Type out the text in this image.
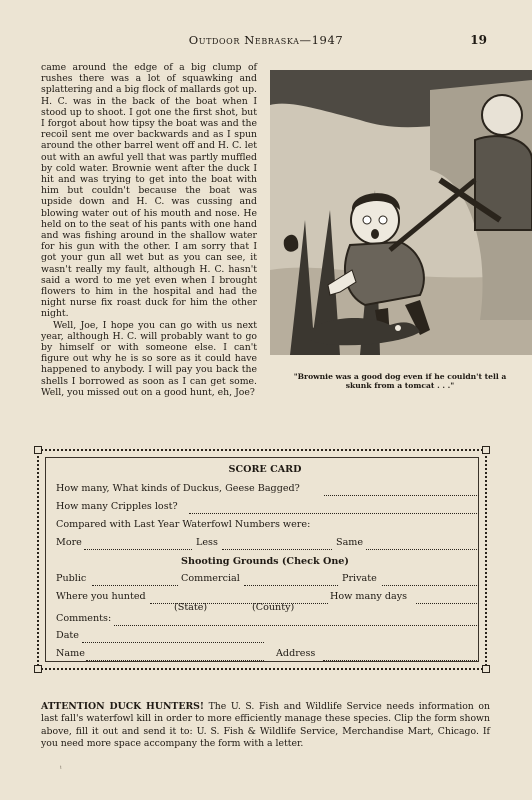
Outdoor Nebraska—1947	19

came around the edge of a big clump of rushes there was a lot of squawking and splattering and a big flock of mallards got up. H. C. was in the back of the boat when I stood up to shoot. I got one the first shot, but I forgot about how tipsy the boat was and the recoil sent me over backwards and as I spun around the other barrel went off and H. C. let out with an awful yell that was partly muffled by cold water. Brownie went after the duck I hit and was trying to get into the boat with him but couldn't because the boat was upside down and H. C. was cussing and blowing water out of his mouth and nose. He held on to the seat of his pants with one hand and was fishing around in the shallow water for his gun with the other. I am sorry that I got your gun all wet but as you can see, it wasn't really my fault, although H. C. hasn't said a word to me yet even when I brought flowers to him in the hospital and had the night nurse fix roast duck for him the other night.

Well, Joe, I hope you can go with us next year, although H. C. will probably want to go by himself or with someone else. I can't figure out why he is so sore as it could have happened to anybody. I will pay you back the shells I borrowed as soon as I can get some. Well, you missed out on a good hunt, eh, Joe?

"Brownie was a good dog even if he couldn't tell a skunk from a tomcat . . ."
SCORE CARD
How many, What kinds of Duckus, Geese Bagged?
How many Cripples lost?
Compared with Last Year Waterfowl Numbers were:
More	Less	Same
Shooting Grounds (Check One)
Public	Commercial	Private
Where you hunted	How many days
(State)	(County)
Comments:
Date
Name	Address
ATTENTION DUCK HUNTERS! The U. S. Fish and Wildlife Service needs information on last fall's waterfowl kill in order to more efficiently manage these species. Clip the form shown above, fill it out and send it to: U. S. Fish & Wildlife Service, Merchandise Mart, Chicago. If you need more space accompany the form with a letter.
ⁱ
